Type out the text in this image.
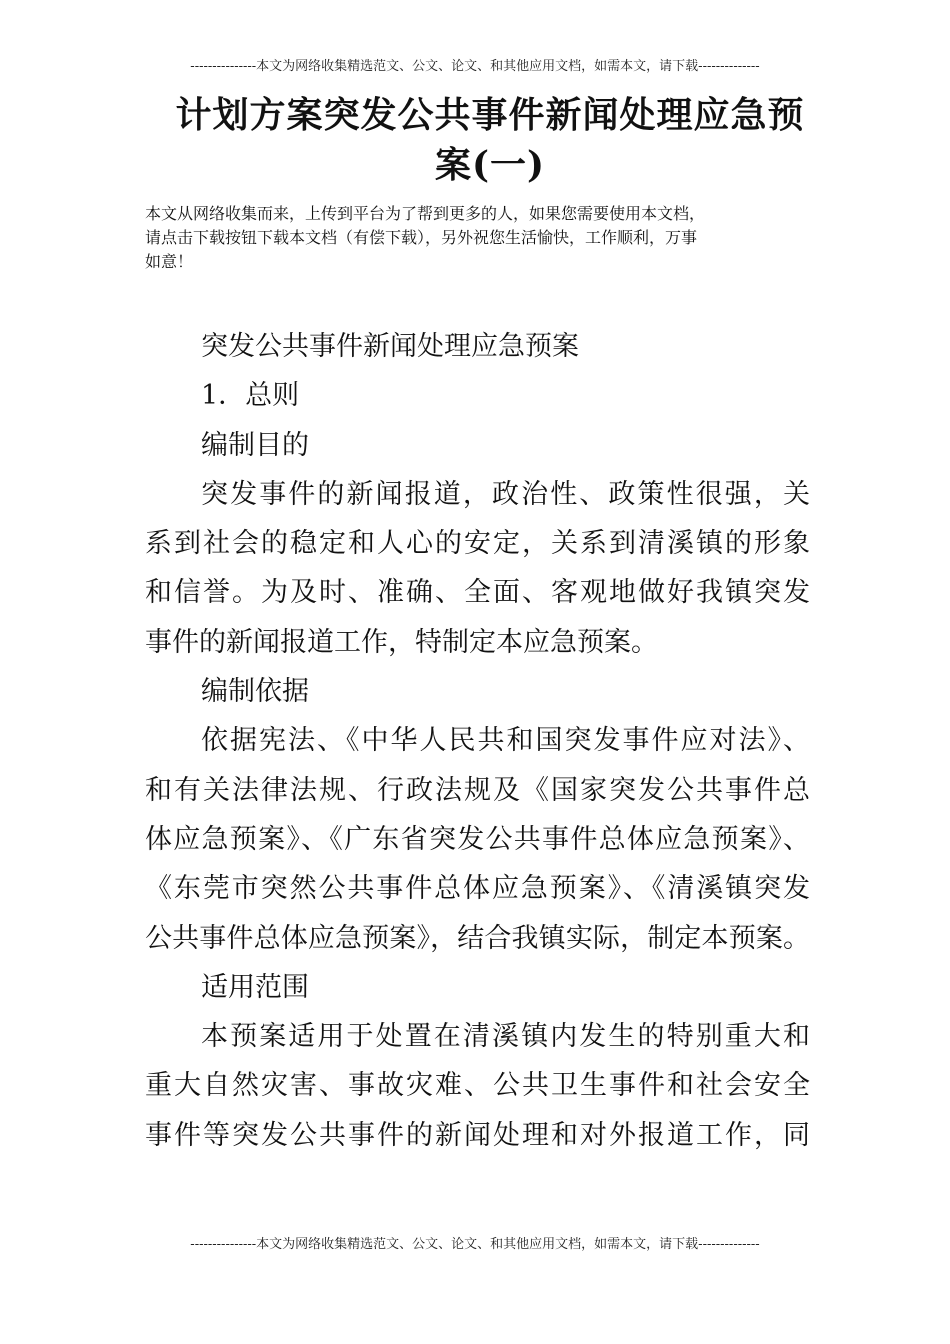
---------------本文为网络收集精选范文、公文、论文、和其他应用文档，如需本文，请下载--------------
计划方案突发公共事件新闻处理应急预
案(一)
本文从网络收集而来，上传到平台为了帮到更多的人，如果您需要使用本文档，
请点击下载按钮下载本文档（有偿下载），另外祝您生活愉快，工作顺利，万事
如意！
突发公共事件新闻处理应急预案
1．总则
编制目的
突发事件的新闻报道，政治性、政策性很强，关
系到社会的稳定和人心的安定，关系到清溪镇的形象
和信誉。为及时、准确、全面、客观地做好我镇突发
事件的新闻报道工作，特制定本应急预案。
编制依据
依据宪法、《中华人民共和国突发事件应对法》、
和有关法律法规、行政法规及《国家突发公共事件总
体应急预案》、《广东省突发公共事件总体应急预案》、
《东莞市突然公共事件总体应急预案》、《清溪镇突发
公共事件总体应急预案》，结合我镇实际，制定本预案。
适用范围
本预案适用于处置在清溪镇内发生的特别重大和
重大自然灾害、事故灾难、公共卫生事件和社会安全
事件等突发公共事件的新闻处理和对外报道工作，同
---------------本文为网络收集精选范文、公文、论文、和其他应用文档，如需本文，请下载--------------
